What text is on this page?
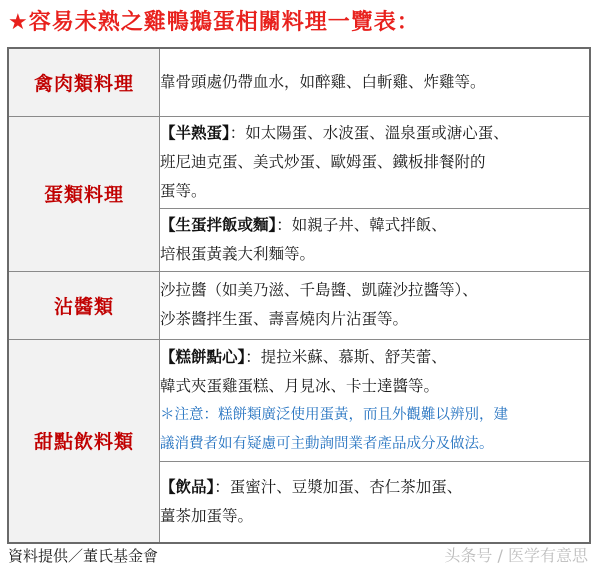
★容易未熟之雞鴨鵝蛋相關料理一覽表：
禽肉類料理	靠骨頭處仍帶血水，如醉雞、白斬雞、炸雞等。

蛋類料理	【半熟蛋】：如太陽蛋、水波蛋、溫泉蛋或溏心蛋、
班尼迪克蛋、美式炒蛋、歐姆蛋、鐵板排餐附的
蛋等。

	【生蛋拌飯或麵】：如親子丼、韓式拌飯、
培根蛋黃義大利麵等。

沾醬類	沙拉醬（如美乃滋、千島醬、凱薩沙拉醬等）、
沙茶醬拌生蛋、壽喜燒肉片沾蛋等。

甜點飲料類	【糕餅點心】：提拉米蘇、慕斯、舒芙蕾、
韓式夾蛋雞蛋糕、月見冰、卡士達醬等。
＊注意：糕餅類廣泛使用蛋黃，而且外觀難以辨別，建
議消費者如有疑慮可主動詢問業者產品成分及做法。

	【飲品】：蛋蜜汁、豆漿加蛋、杏仁茶加蛋、
薑茶加蛋等。
資料提供／董氏基金會	头条号 / 医学有意思
